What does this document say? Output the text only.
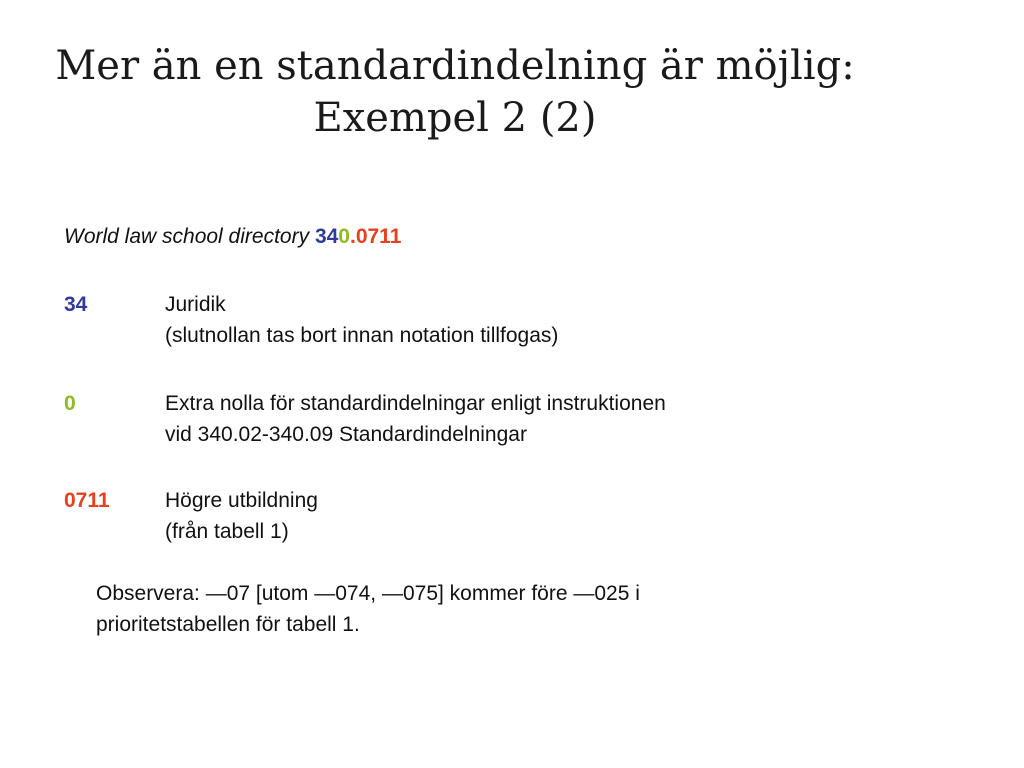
Mer än en standardindelning är möjlig:
Exempel 2 (2)
World law school directory 340.0711
34	Juridik
(slutnollan tas bort innan notation tillfogas)
0	Extra nolla för standardindelningar enligt instruktionen
vid 340.02-340.09 Standardindelningar
0711	Högre utbildning
(från tabell 1)
Observera: —07 [utom —074, —075] kommer före —025 i
prioritetstabellen för tabell 1.
